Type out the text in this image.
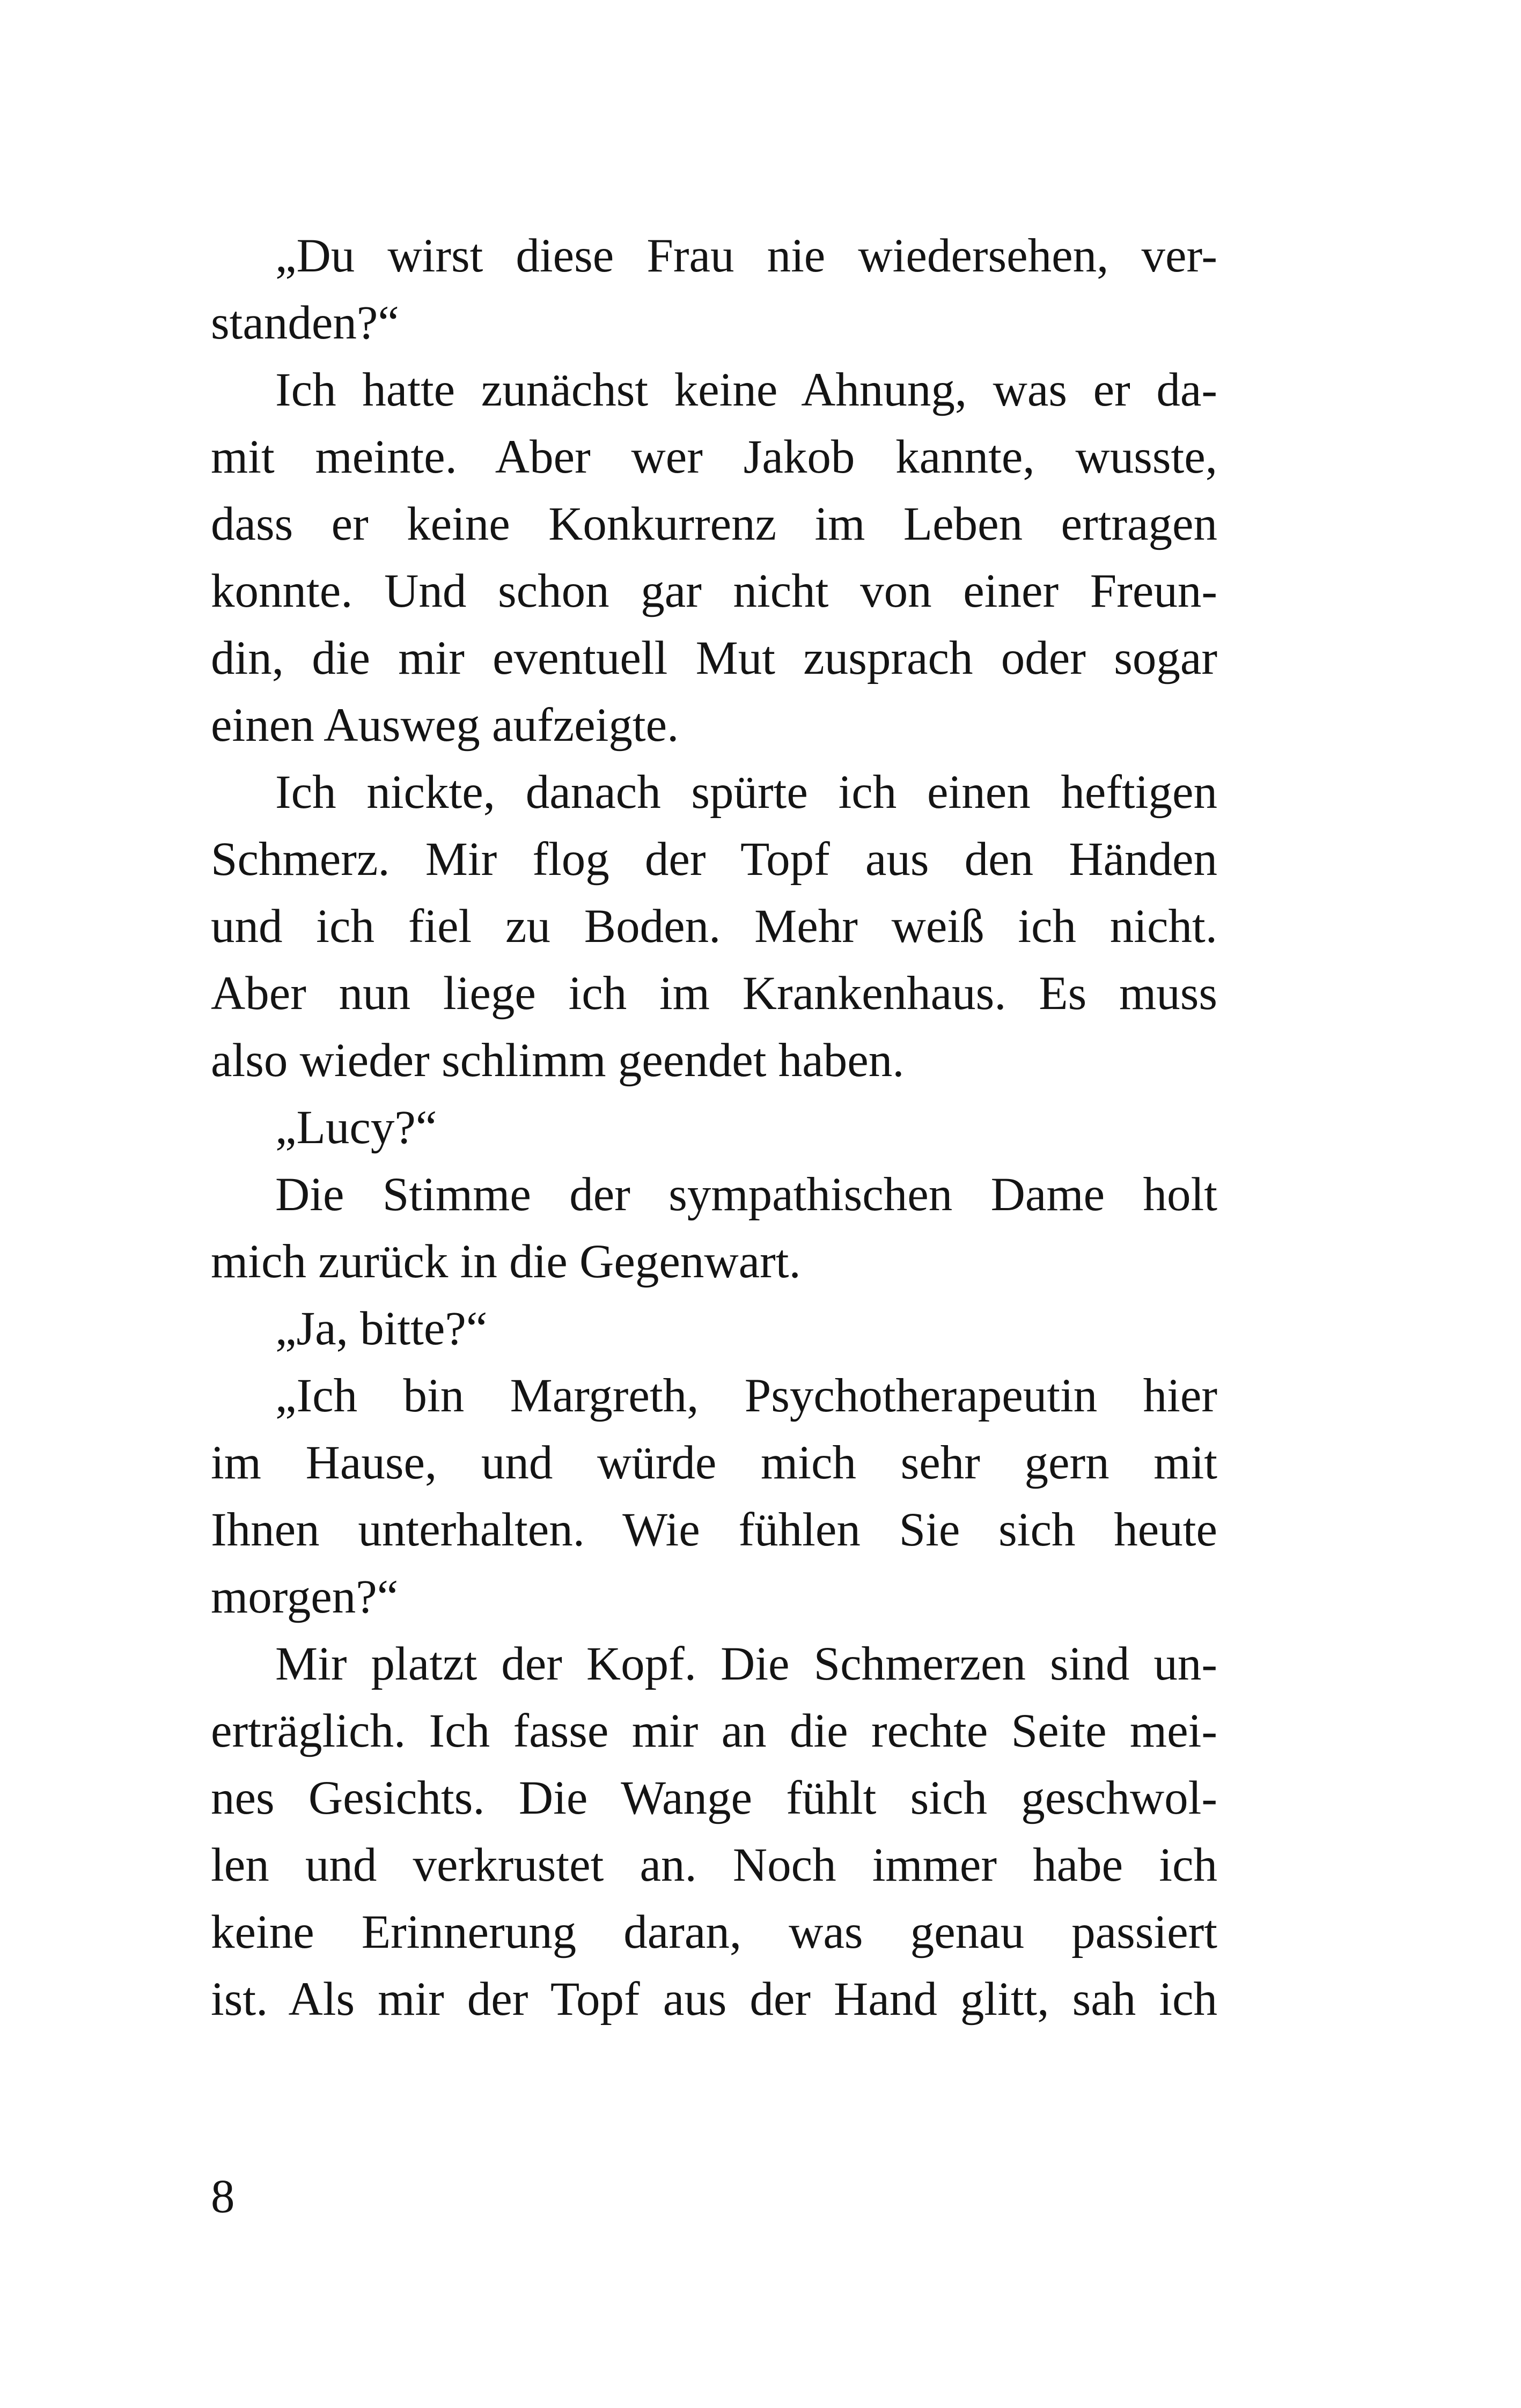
„Du wirst diese Frau nie wiedersehen, ver-
standen?“
Ich hatte zunächst keine Ahnung, was er da-
mit meinte. Aber wer Jakob kannte, wusste,
dass er keine Konkurrenz im Leben ertragen
konnte. Und schon gar nicht von einer Freun-
din, die mir eventuell Mut zusprach oder sogar
einen Ausweg aufzeigte.
Ich nickte, danach spürte ich einen heftigen
Schmerz. Mir flog der Topf aus den Händen
und ich fiel zu Boden. Mehr weiß ich nicht.
Aber nun liege ich im Krankenhaus. Es muss
also wieder schlimm geendet haben.
„Lucy?“
Die Stimme der sympathischen Dame holt
mich zurück in die Gegenwart.
„Ja, bitte?“
„Ich bin Margreth, Psychotherapeutin hier
im Hause, und würde mich sehr gern mit
Ihnen unterhalten. Wie fühlen Sie sich heute
morgen?“
Mir platzt der Kopf. Die Schmerzen sind un-
erträglich. Ich fasse mir an die rechte Seite mei-
nes Gesichts. Die Wange fühlt sich geschwol-
len und verkrustet an. Noch immer habe ich
keine Erinnerung daran, was genau passiert
ist. Als mir der Topf aus der Hand glitt, sah ich
8
